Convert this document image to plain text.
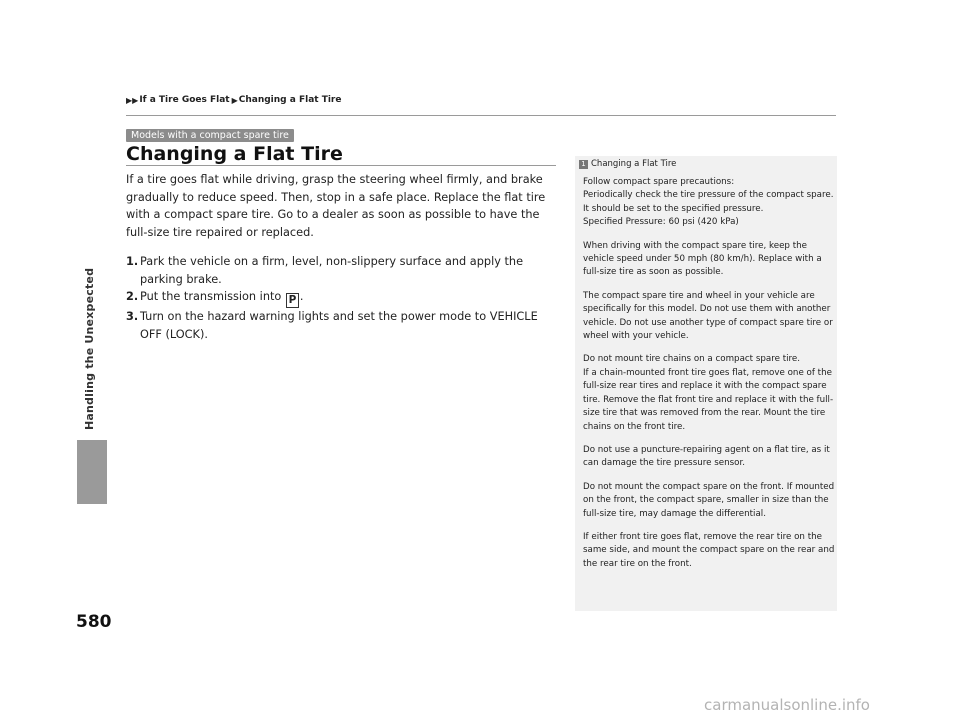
Handling the Unexpected
▶▶ If a Tire Goes Flat ▶ Changing a Flat Tire
Models with a compact spare tire
Changing a Flat Tire

If a tire goes flat while driving, grasp the steering wheel firmly, and brake gradually to reduce speed. Then, stop in a safe place. Replace the flat tire with a compact spare tire. Go to a dealer as soon as possible to have the full-size tire repaired or replaced.

1. Park the vehicle on a firm, level, non-slippery surface and apply the parking brake.
2. Put the transmission into P .
3. Turn on the hazard warning lights and set the power mode to VEHICLE OFF (LOCK).
1 Changing a Flat Tire

Follow compact spare precautions:
Periodically check the tire pressure of the compact spare. It should be set to the specified pressure.
Specified Pressure: 60 psi (420 kPa)

When driving with the compact spare tire, keep the vehicle speed under 50 mph (80 km/h). Replace with a full-size tire as soon as possible.

The compact spare tire and wheel in your vehicle are specifically for this model. Do not use them with another vehicle. Do not use another type of compact spare tire or wheel with your vehicle.

Do not mount tire chains on a compact spare tire.
If a chain-mounted front tire goes flat, remove one of the full-size rear tires and replace it with the compact spare tire. Remove the flat front tire and replace it with the full-size tire that was removed from the rear. Mount the tire chains on the front tire.

Do not use a puncture-repairing agent on a flat tire, as it can damage the tire pressure sensor.

Do not mount the compact spare on the front. If mounted on the front, the compact spare, smaller in size than the full-size tire, may damage the differential.

If either front tire goes flat, remove the rear tire on the same side, and mount the compact spare on the rear and the rear tire on the front.

580
carmanualsonline.info
